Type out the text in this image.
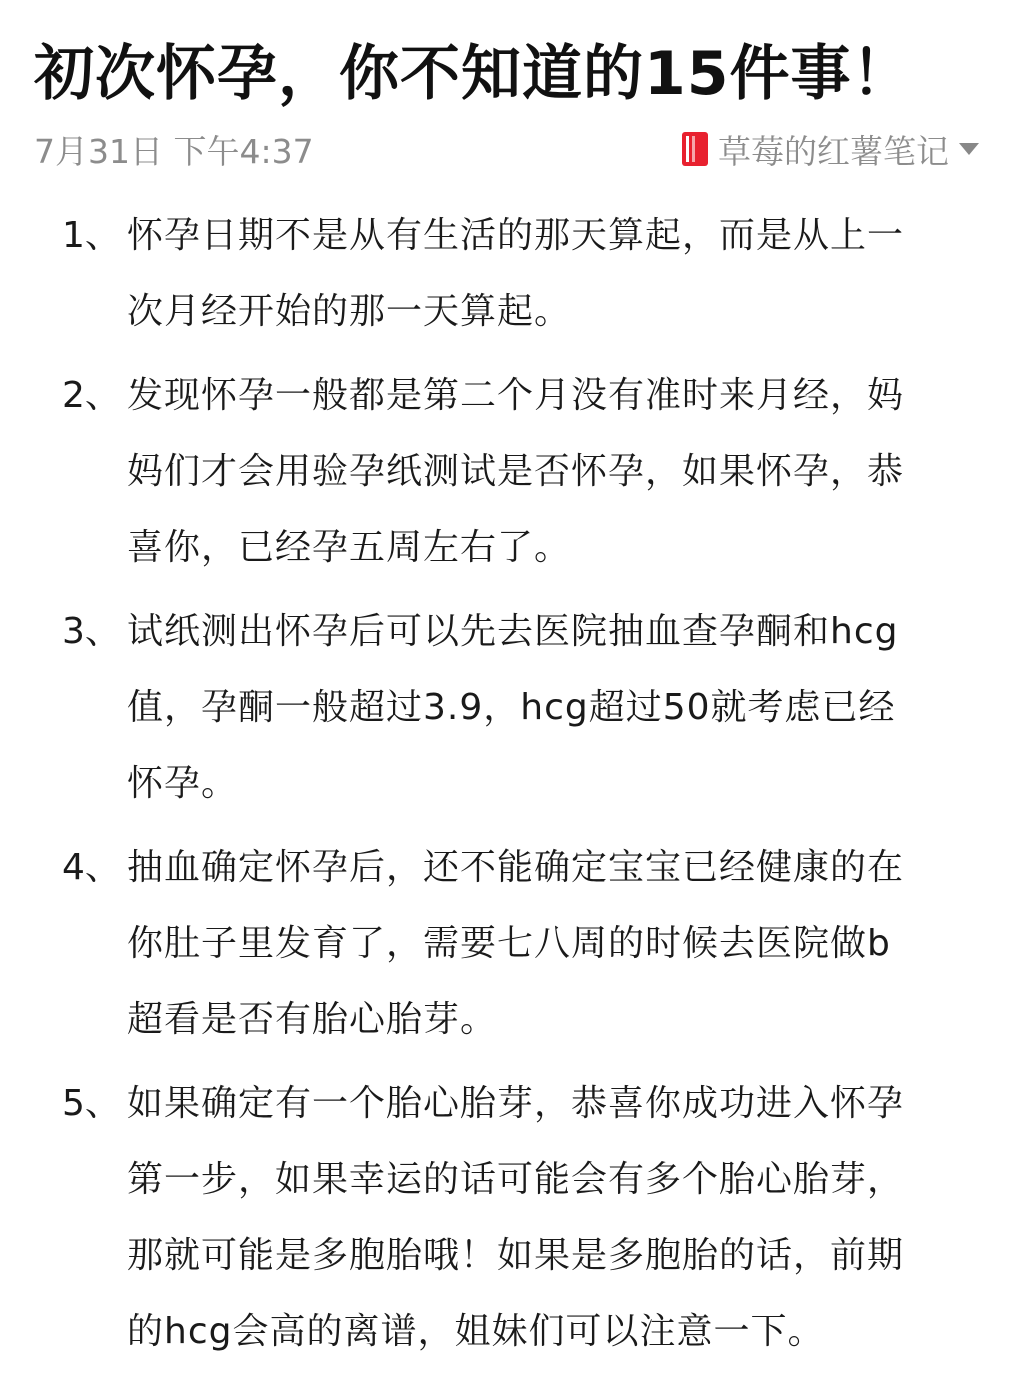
初次怀孕，你不知道的15件事！
7月31日 下午4:37	草莓的红薯笔记
1、 怀孕日期不是从有生活的那天算起，而是从上一
次月经开始的那一天算起。
2、 发现怀孕一般都是第二个月没有准时来月经，妈
妈们才会用验孕纸测试是否怀孕，如果怀孕，恭
喜你，已经孕五周左右了。
3、 试纸测出怀孕后可以先去医院抽血查孕酮和hcg
值，孕酮一般超过3.9，hcg超过50就考虑已经
怀孕。
4、 抽血确定怀孕后，还不能确定宝宝已经健康的在
你肚子里发育了，需要七八周的时候去医院做b
超看是否有胎心胎芽。
5、 如果确定有一个胎心胎芽，恭喜你成功进入怀孕
第一步，如果幸运的话可能会有多个胎心胎芽，
那就可能是多胞胎哦！如果是多胞胎的话，前期
的hcg会高的离谱，姐妹们可以注意一下。
